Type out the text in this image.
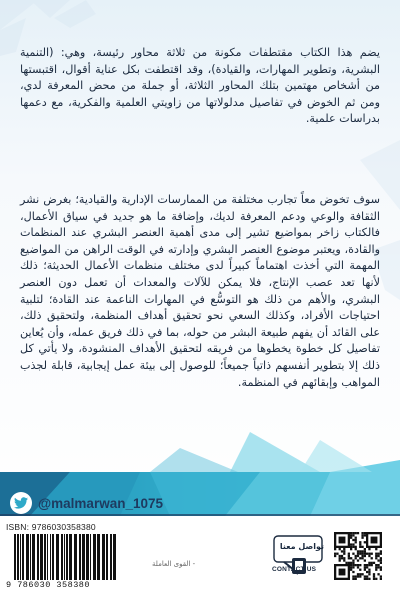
يضم هذا الكتاب مقتطفات مكونة من ثلاثة محاور رئيسة، وهي: (التنمية البشرية، وتطوير المهارات، والقيادة)، وقد اقتطفت بكل عناية أقوال، اقتبستها من أشخاص مهتمين بتلك المحاور الثلاثة، أو جملة من محض المعرفة لدي، ومن ثم الخوض في تفاصيل مدلولاتها من زاويتي العلمية والفكرية، مع دعمها بدراسات علمية.

سوف تخوض معاً تجارب مختلفة من الممارسات الإدارية والقيادية؛ بغرض نشر الثقافة والوعي ودعم المعرفة لديك، وإضافة ما هو جديد في سياق الأعمال، فالكتاب زاخر بمواضيع تشير إلى مدى أهمية العنصر البشري عند المنظمات والقادة، ويعتبر موضوع العنصر البشري وإدارته في الوقت الراهن من المواضيع المهمة التي أخذت اهتماماً كبيراً لدى مختلف منظمات الأعمال الحديثة؛ ذلك لأنها تعد عصب الإنتاج، فلا يمكن للآلات والمعدات أن تعمل دون العنصر البشري، والأهم من ذلك هو التوسُّع في المهارات الناعمة عند القادة؛ لتلبية احتياجات الأفراد، وكذلك السعي نحو تحقيق أهداف المنظمة، ولتحقيق ذلك، على القائد أن يفهم طبيعة البشر من حوله، بما في ذلك فريق عمله، وأن يُعاين تفاصيل كل خطوة يخطوها من فريقه لتحقيق الأهداف المنشودة، ولا يأتي كل ذلك إلا بتطوير أنفسهم ذاتياً جميعاً؛ للوصول إلى بيئة عمل إيجابية، قابلة لجذب المواهب وإبقائهم في المنظمة.

@malmarwan_1075
ISBN: 9786030358380
9 786030 358380
- القوى العاملة
تواصل معنا
CONTACT US
